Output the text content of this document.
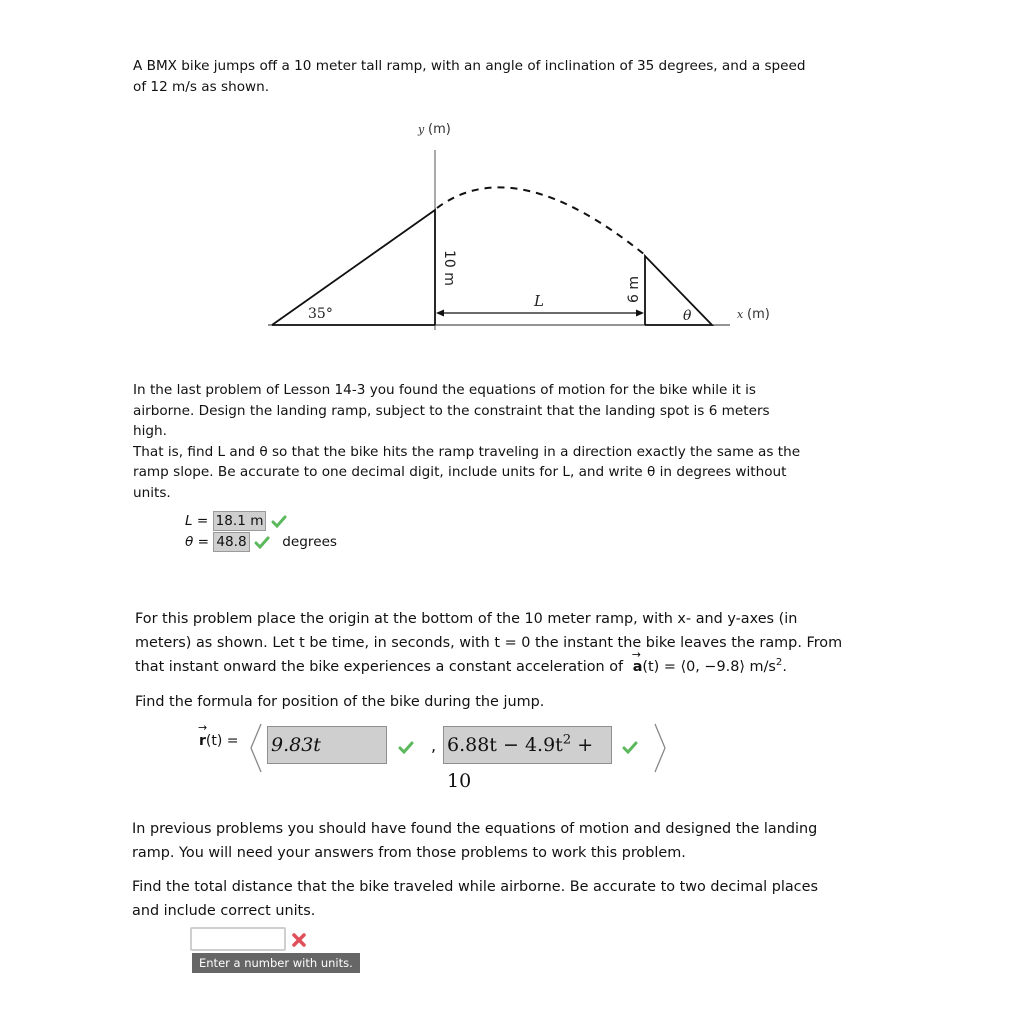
A BMX bike jumps off a 10 meter tall ramp, with an angle of inclination of 35 degrees, and a speed
of 12 m/s as shown.
y (m)
x (m)
35°	θ
L
10 m
6 m
In the last problem of Lesson 14-3 you found the equations of motion for the bike while it is
airborne. Design the landing ramp, subject to the constraint that the landing spot is 6 meters
high.
That is, find L and θ so that the bike hits the ramp traveling in a direction exactly the same as the
ramp slope. Be accurate to one decimal digit, include units for L, and write θ in degrees without
units.
L = 18.1 m
θ = 48.8	degrees
For this problem place the origin at the bottom of the 10 meter ramp, with x- and y-axes (in
meters) as shown. Let t be time, in seconds, with t = 0 the instant the bike leaves the ramp. From
that instant onward the bike experiences a constant acceleration of → a(t) = ⟨0, −9.8⟩ $m/s^2$.
Find the formula for position of the bike during the jump.
→ r(t) = 9.83t	, $6.88t - 4.9t^2 + 10$
In previous problems you should have found the equations of motion and designed the landing
ramp. You will need your answers from those problems to work this problem.
Find the total distance that the bike traveled while airborne. Be accurate to two decimal places
and include correct units.
Enter a number with units.
